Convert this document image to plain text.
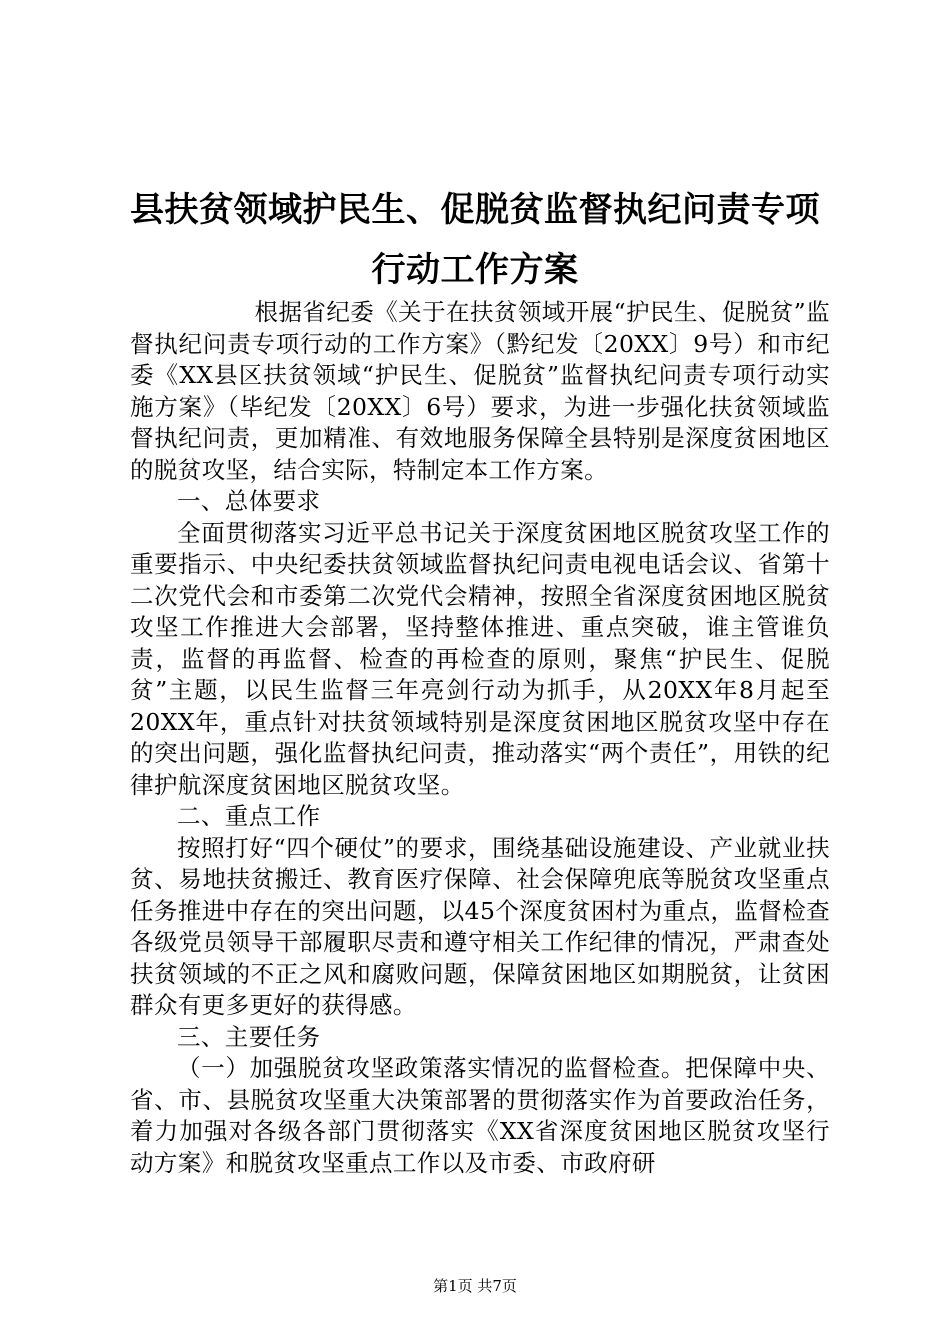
县扶贫领域护民生、促脱贫监督执纪问责专项
行动工作方案

根据省纪委《关于在扶贫领域开展“护民生、促脱贫”监督执纪问责专项行动的工作方案》（黔纪发〔20XX〕9号）和市纪委《XX县区扶贫领域“护民生、促脱贫”监督执纪问责专项行动实施方案》（毕纪发〔20XX〕6号）要求，为进一步强化扶贫领域监督执纪问责，更加精准、有效地服务保障全县特别是深度贫困地区的脱贫攻坚，结合实际，特制定本工作方案。

一、总体要求

全面贯彻落实习近平总书记关于深度贫困地区脱贫攻坚工作的重要指示、中央纪委扶贫领域监督执纪问责电视电话会议、省第十二次党代会和市委第二次党代会精神，按照全省深度贫困地区脱贫攻坚工作推进大会部署，坚持整体推进、重点突破，谁主管谁负责，监督的再监督、检查的再检查的原则，聚焦“护民生、促脱贫”主题，以民生监督三年亮剑行动为抓手，从20XX年8月起至20XX年，重点针对扶贫领域特别是深度贫困地区脱贫攻坚中存在的突出问题，强化监督执纪问责，推动落实“两个责任”，用铁的纪律护航深度贫困地区脱贫攻坚。

二、重点工作

按照打好“四个硬仗”的要求，围绕基础设施建设、产业就业扶贫、易地扶贫搬迁、教育医疗保障、社会保障兜底等脱贫攻坚重点任务推进中存在的突出问题，以45个深度贫困村为重点，监督检查各级党员领导干部履职尽责和遵守相关工作纪律的情况，严肃查处扶贫领域的不正之风和腐败问题，保障贫困地区如期脱贫，让贫困群众有更多更好的获得感。

三、主要任务

（一）加强脱贫攻坚政策落实情况的监督检查。把保障中央、省、市、县脱贫攻坚重大决策部署的贯彻落实作为首要政治任务，着力加强对各级各部门贯彻落实《XX省深度贫困地区脱贫攻坚行动方案》和脱贫攻坚重点工作以及市委、市政府研

第1页 共7页
